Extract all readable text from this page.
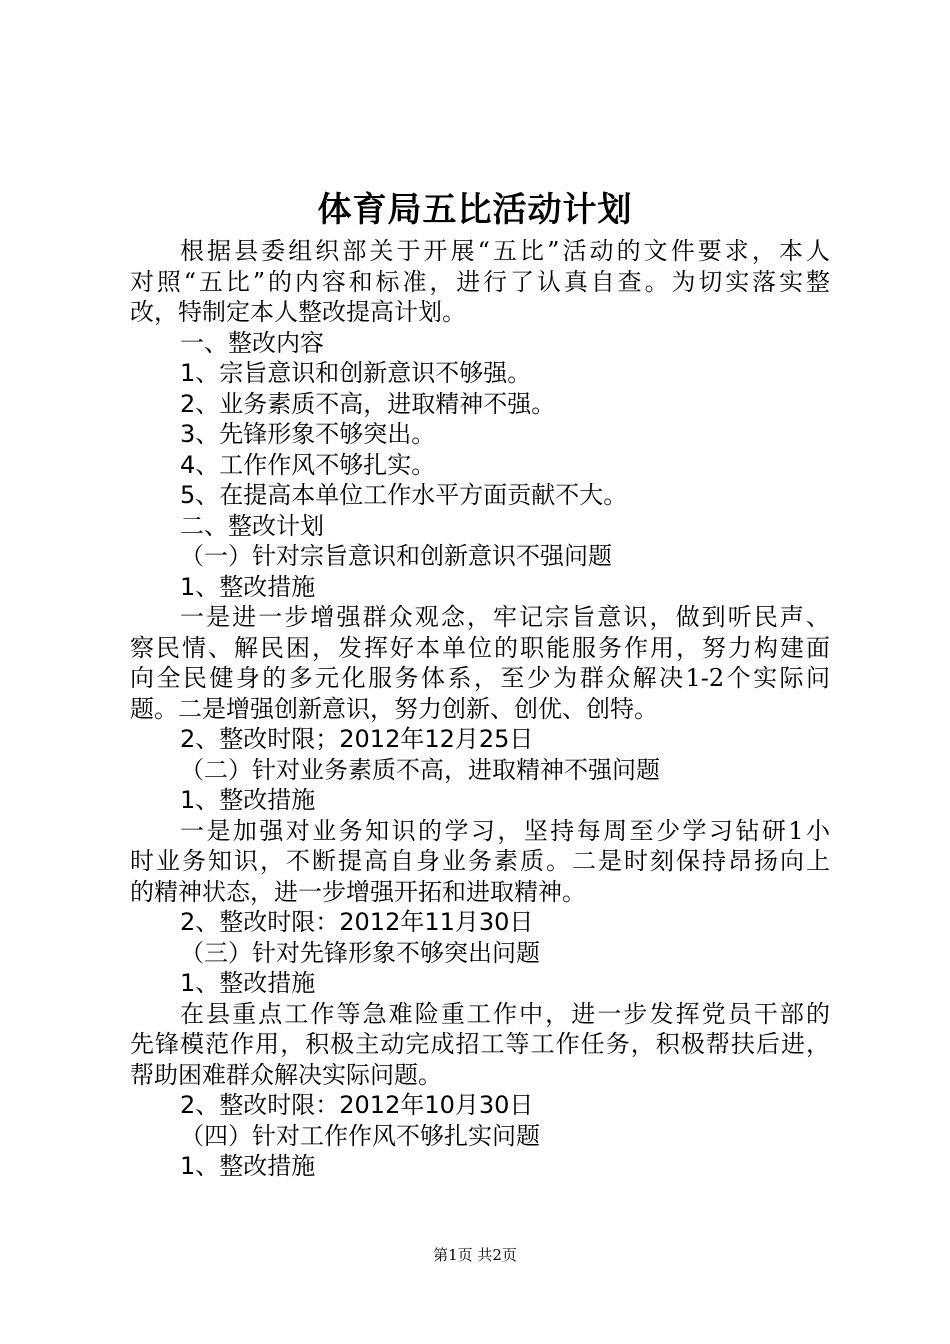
体育局五比活动计划
根据县委组织部关于开展“五比”活动的文件要求，本人
对照“五比”的内容和标准，进行了认真自查。为切实落实整
改，特制定本人整改提高计划。
一、整改内容
1、宗旨意识和创新意识不够强。
2、业务素质不高，进取精神不强。
3、先锋形象不够突出。
4、工作作风不够扎实。
5、在提高本单位工作水平方面贡献不大。
二、整改计划
（一）针对宗旨意识和创新意识不强问题
1、整改措施
一是进一步增强群众观念，牢记宗旨意识，做到听民声、
察民情、解民困，发挥好本单位的职能服务作用，努力构建面
向全民健身的多元化服务体系，至少为群众解决1-2个实际问
题。二是增强创新意识，努力创新、创优、创特。
2、整改时限；2012年12月25日
（二）针对业务素质不高，进取精神不强问题
1、整改措施
一是加强对业务知识的学习，坚持每周至少学习钻研1小
时业务知识，不断提高自身业务素质。二是时刻保持昂扬向上
的精神状态，进一步增强开拓和进取精神。
2、整改时限：2012年11月30日
（三）针对先锋形象不够突出问题
1、整改措施
在县重点工作等急难险重工作中，进一步发挥党员干部的
先锋模范作用，积极主动完成招工等工作任务，积极帮扶后进，
帮助困难群众解决实际问题。
2、整改时限：2012年10月30日
（四）针对工作作风不够扎实问题
1、整改措施
第1页 共2页
